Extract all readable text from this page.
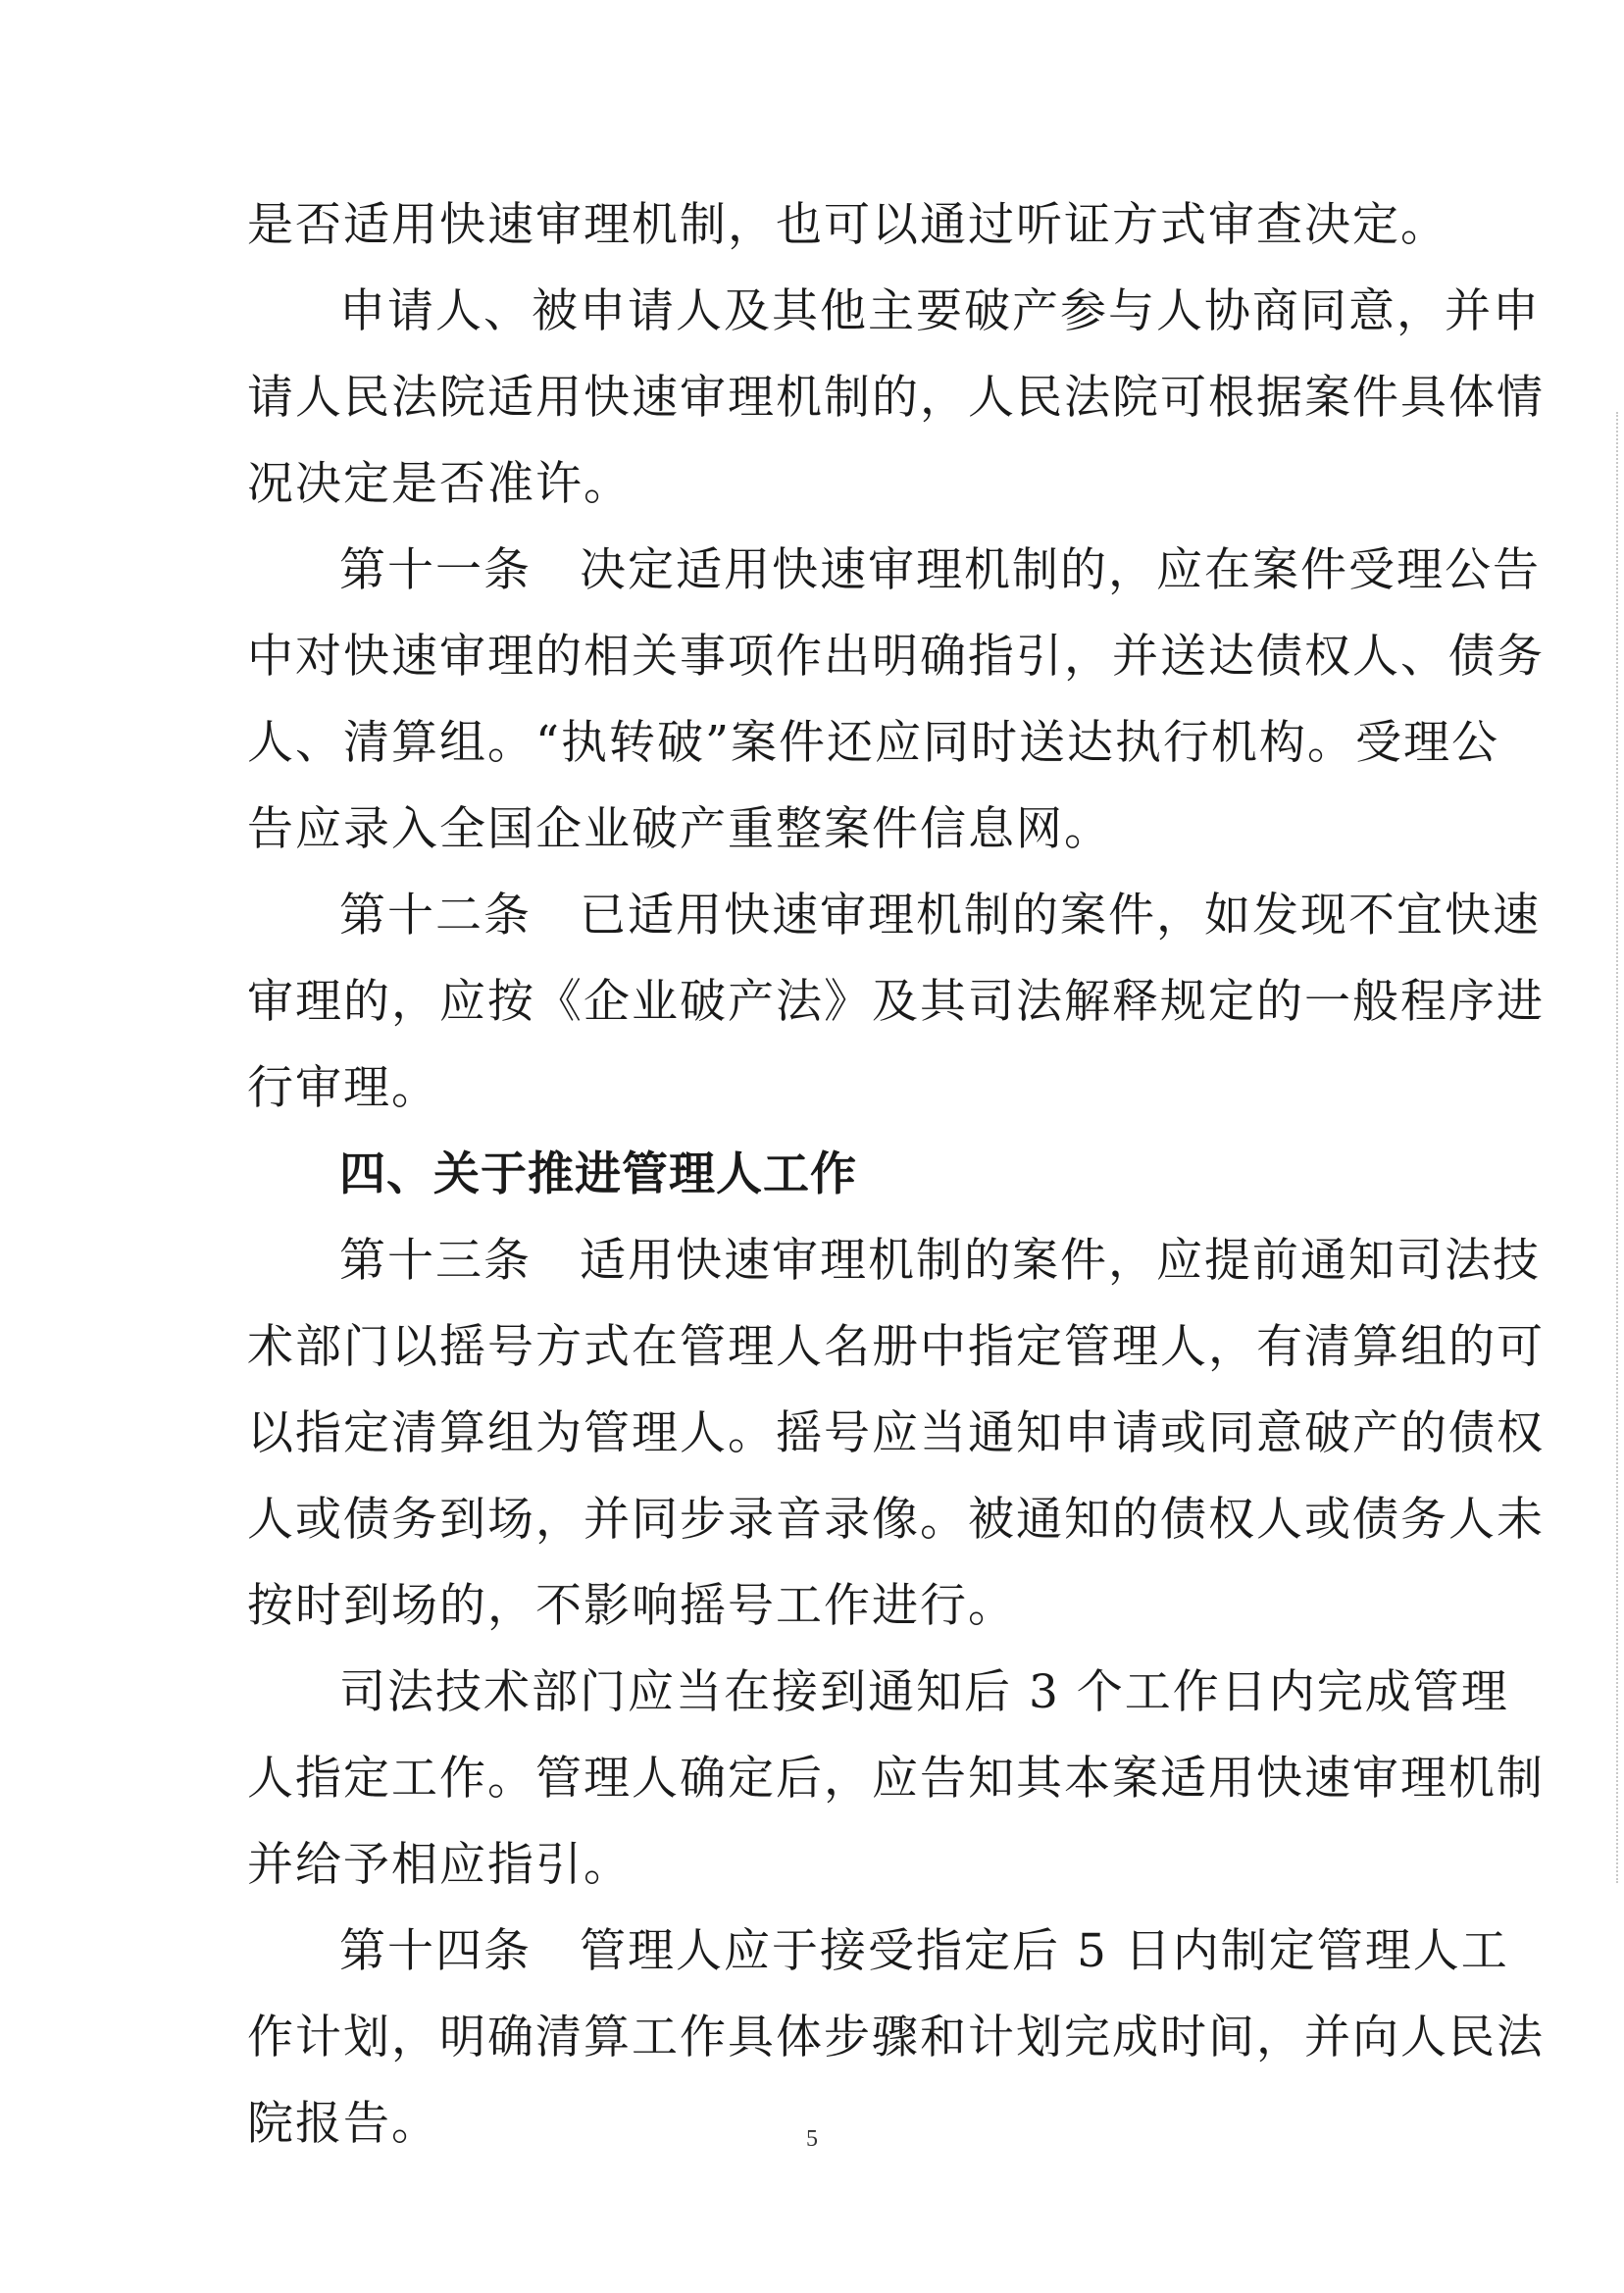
是否适用快速审理机制，也可以通过听证方式审查决定。
申请人、被申请人及其他主要破产参与人协商同意，并申
请人民法院适用快速审理机制的，人民法院可根据案件具体情
况决定是否准许。
第十一条　决定适用快速审理机制的，应在案件受理公告
中对快速审理的相关事项作出明确指引，并送达债权人、债务
人、清算组。“执转破”案件还应同时送达执行机构。受理公
告应录入全国企业破产重整案件信息网。
第十二条　已适用快速审理机制的案件，如发现不宜快速
审理的，应按《企业破产法》及其司法解释规定的一般程序进
行审理。
四、关于推进管理人工作
第十三条　适用快速审理机制的案件，应提前通知司法技
术部门以摇号方式在管理人名册中指定管理人，有清算组的可
以指定清算组为管理人。摇号应当通知申请或同意破产的债权
人或债务到场，并同步录音录像。被通知的债权人或债务人未
按时到场的，不影响摇号工作进行。
司法技术部门应当在接到通知后 3 个工作日内完成管理
人指定工作。管理人确定后，应告知其本案适用快速审理机制
并给予相应指引。
第十四条　管理人应于接受指定后 5 日内制定管理人工
作计划，明确清算工作具体步骤和计划完成时间，并向人民法
院报告。	5
